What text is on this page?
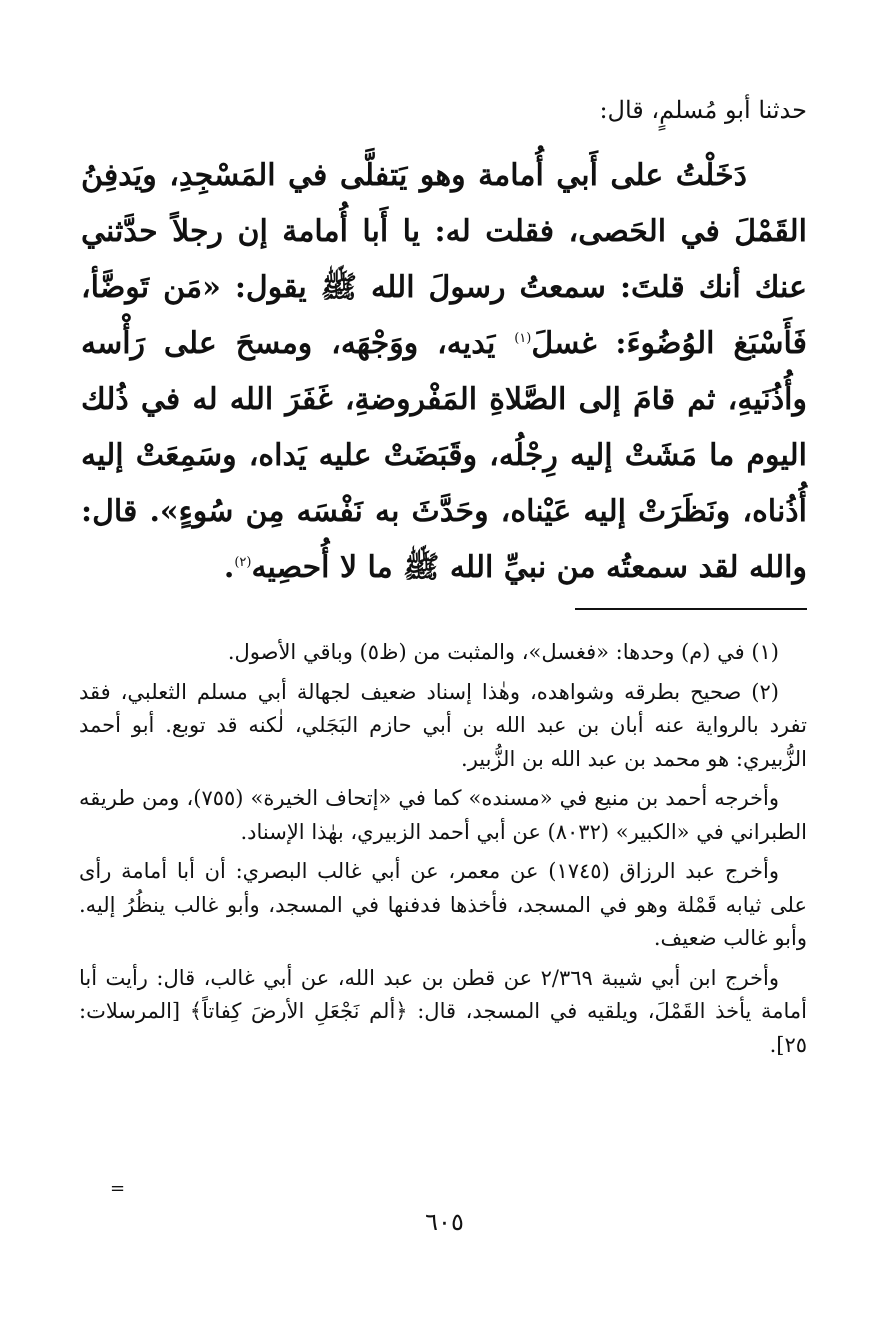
حدثنا أبو مُسلمٍ، قال:

دَخَلْتُ على أَبي أُمامة وهو يَتفلَّى في المَسْجِدِ، ويَدفِنُ القَمْلَ في الحَصى، فقلت له: يا أَبا أُمامة إن رجلاً حدَّثني عنك أنك قلتَ: سمعتُ رسولَ الله ﷺ يقول: «مَن تَوضَّأ، فَأَسْبَغ الوُضُوءَ: غسلَ$^{(١)}$ يَديه، ووَجْهَه، ومسحَ على رَأْسه وأُذُنَيهِ، ثم قامَ إلى الصَّلاةِ المَفْروضةِ، غَفَرَ الله له في ذُلك اليوم ما مَشَتْ إليه رِجْلُه، وقَبَضَتْ عليه يَداه، وسَمِعَتْ إليه أُذُناه، ونَظَرَتْ إليه عَيْناه، وحَدَّثَ به نَفْسَه مِن سُوءٍ». قال: والله لقد سمعتُه من نبيِّ الله ﷺ ما لا أُحصِيه$^{(٢)}$.

(١) في (م) وحدها: «فغسل»، والمثبت من (ظ٥) وباقي الأصول.

(٢) صحيح بطرقه وشواهده، وهٰذا إسناد ضعيف لجهالة أبي مسلم الثعلبي، فقد تفرد بالرواية عنه أبان بن عبد الله بن أبي حازم البَجَلي، لٰكنه قد توبع. أبو أحمد الزُّبيري: هو محمد بن عبد الله بن الزُّبير.

وأخرجه أحمد بن منيع في «مسنده» كما في «إتحاف الخيرة» (٧٥٥)، ومن طريقه الطبراني في «الكبير» (٨٠٣٢) عن أبي أحمد الزبيري، بهٰذا الإسناد.

وأخرج عبد الرزاق (١٧٤٥) عن معمر، عن أبي غالب البصري: أن أبا أمامة رأى على ثيابه قَمْلة وهو في المسجد، فأخذها فدفنها في المسجد، وأبو غالب ينظُرُ إليه. وأبو غالب ضعيف.

وأخرج ابن أبي شيبة ٢/٣٦٩ عن قطن بن عبد الله، عن أبي غالب، قال: رأيت أبا أمامة يأخذ القَمْلَ، ويلقيه في المسجد، قال: ﴿ألم نَجْعَلِ الأرضَ كِفاتاً﴾ [المرسلات: ٢٥].

=
٦٠٥
